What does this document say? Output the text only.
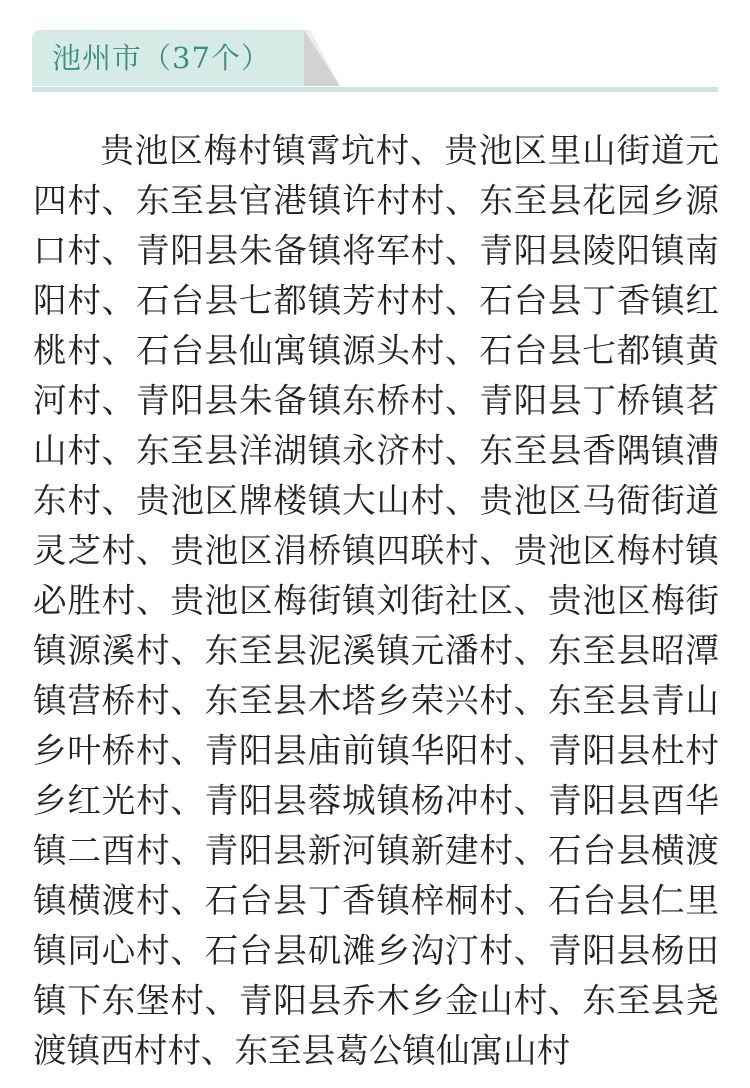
池州市（37个）

贵池区梅村镇霄坑村、贵池区里山街道元四村、东至县官港镇许村村、东至县花园乡源口村、青阳县朱备镇将军村、青阳县陵阳镇南阳村、石台县七都镇芳村村、石台县丁香镇红桃村、石台县仙寓镇源头村、石台县七都镇黄河村、青阳县朱备镇东桥村、青阳县丁桥镇茗山村、东至县洋湖镇永济村、东至县香隅镇漕东村、贵池区牌楼镇大山村、贵池区马衙街道灵芝村、贵池区涓桥镇四联村、贵池区梅村镇必胜村、贵池区梅街镇刘街社区、贵池区梅街镇源溪村、东至县泥溪镇元潘村、东至县昭潭镇营桥村、东至县木塔乡荣兴村、东至县青山乡叶桥村、青阳县庙前镇华阳村、青阳县杜村乡红光村、青阳县蓉城镇杨冲村、青阳县酉华镇二酉村、青阳县新河镇新建村、石台县横渡镇横渡村、石台县丁香镇梓桐村、石台县仁里镇同心村、石台县矶滩乡沟汀村、青阳县杨田镇下东堡村、青阳县乔木乡金山村、东至县尧渡镇西村村、东至县葛公镇仙寓山村
